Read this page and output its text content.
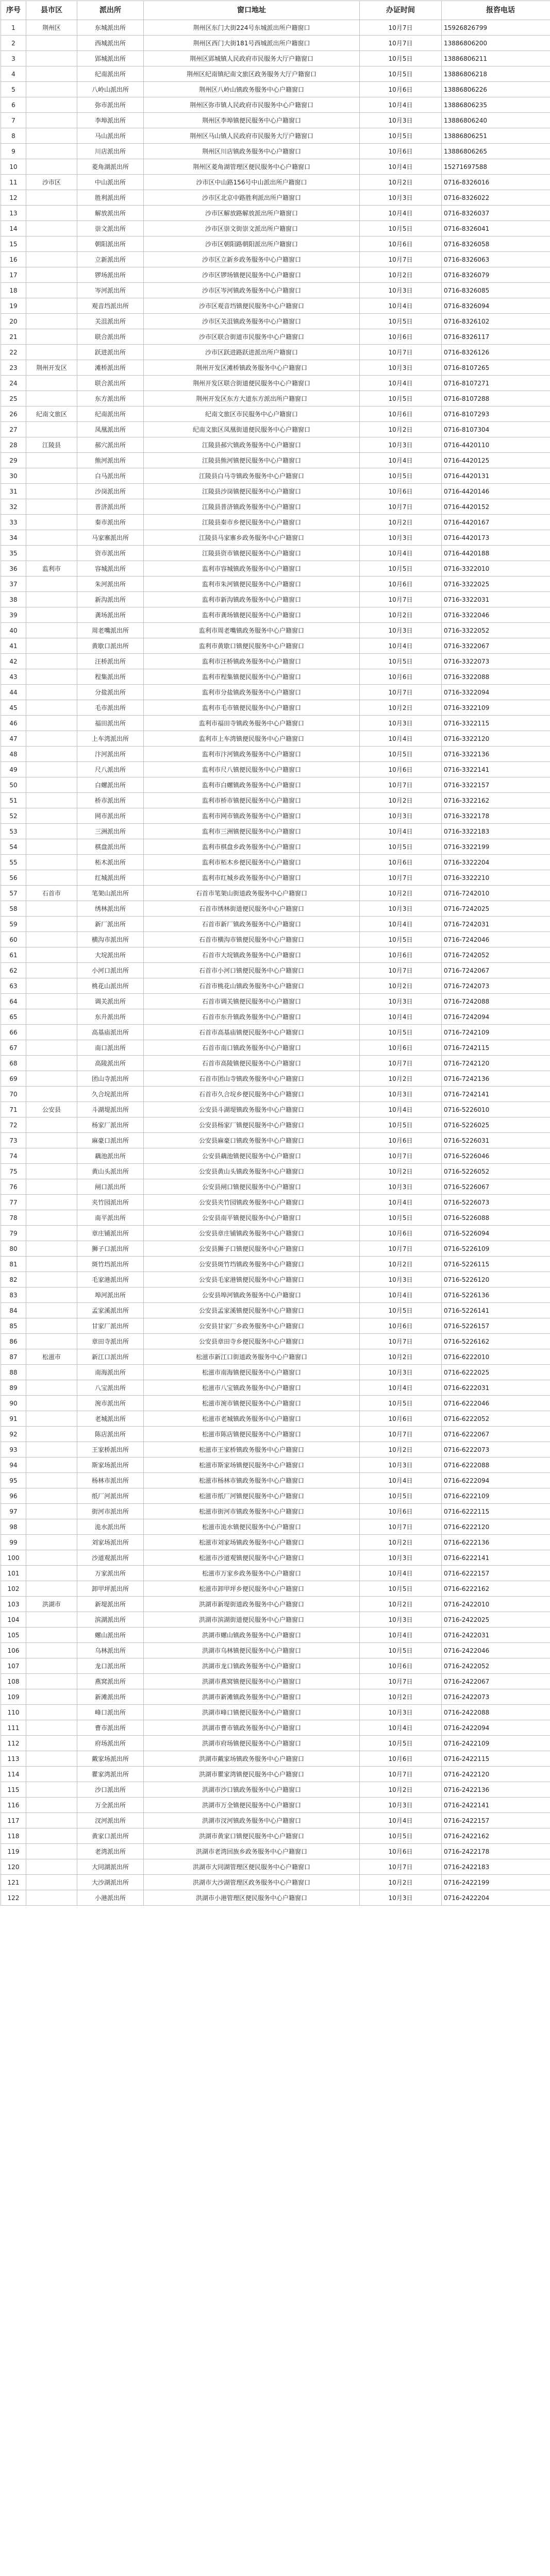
序号	县市区	派出所	窗口地址	办证时间	报咨电话
1	荆州区	东城派出所	荆州区东门大街224号东城派出所户籍窗口	10月7日	15926826799
2		西城派出所	荆州区西门大街181号西城派出所户籍窗口	10月7日	13886806200
3		郢城派出所	荆州区郢城镇人民政府市民服务大厅户籍窗口	10月5日	13886806211
4		纪南派出所	荆州区纪南镇纪南文旅区政务服务大厅户籍窗口	10月5日	13886806218
5		八岭山派出所	荆州区八岭山镇政务服务中心户籍窗口	10月6日	13886806226
6		弥市派出所	荆州区弥市镇人民政府市民服务中心户籍窗口	10月4日	13886806235
7		李埠派出所	荆州区李埠镇便民服务中心户籍窗口	10月3日	13886806240
8		马山派出所	荆州区马山镇人民政府市民服务大厅户籍窗口	10月5日	13886806251
9		川店派出所	荆州区川店镇政务服务中心户籍窗口	10月6日	13886806265
10		菱角湖派出所	荆州区菱角湖管理区便民服务中心户籍窗口	10月4日	15271697588
11	沙市区	中山派出所	沙市区中山路156号中山派出所户籍窗口	10月2日	0716-8326016
12		胜利派出所	沙市区北京中路胜利派出所户籍窗口	10月3日	0716-8326022
13		解放派出所	沙市区解放路解放派出所户籍窗口	10月4日	0716-8326037
14		崇文派出所	沙市区崇文街崇文派出所户籍窗口	10月5日	0716-8326041
15		朝阳派出所	沙市区朝阳路朝阳派出所户籍窗口	10月6日	0716-8326058
16		立新派出所	沙市区立新乡政务服务中心户籍窗口	10月7日	0716-8326063
17		锣场派出所	沙市区锣场镇便民服务中心户籍窗口	10月2日	0716-8326079
18		岑河派出所	沙市区岑河镇政务服务中心户籍窗口	10月3日	0716-8326085
19		观音垱派出所	沙市区观音垱镇便民服务中心户籍窗口	10月4日	0716-8326094
20		关沮派出所	沙市区关沮镇政务服务中心户籍窗口	10月5日	0716-8326102
21		联合派出所	沙市区联合街道市民服务中心户籍窗口	10月6日	0716-8326117
22		跃进派出所	沙市区跃进路跃进派出所户籍窗口	10月7日	0716-8326126
23	荆州开发区	滩桥派出所	荆州开发区滩桥镇政务服务中心户籍窗口	10月3日	0716-8107265
24		联合派出所	荆州开发区联合街道便民服务中心户籍窗口	10月4日	0716-8107271
25		东方派出所	荆州开发区东方大道东方派出所户籍窗口	10月5日	0716-8107288
26	纪南文旅区	纪南派出所	纪南文旅区市民服务中心户籍窗口	10月6日	0716-8107293
27		凤凰派出所	纪南文旅区凤凰街道便民服务中心户籍窗口	10月2日	0716-8107304
28	江陵县	郝穴派出所	江陵县郝穴镇政务服务中心户籍窗口	10月3日	0716-4420110
29		熊河派出所	江陵县熊河镇便民服务中心户籍窗口	10月4日	0716-4420125
30		白马派出所	江陵县白马寺镇政务服务中心户籍窗口	10月5日	0716-4420131
31		沙岗派出所	江陵县沙岗镇便民服务中心户籍窗口	10月6日	0716-4420146
32		普济派出所	江陵县普济镇政务服务中心户籍窗口	10月7日	0716-4420152
33		秦市派出所	江陵县秦市乡便民服务中心户籍窗口	10月2日	0716-4420167
34		马家寨派出所	江陵县马家寨乡政务服务中心户籍窗口	10月3日	0716-4420173
35		资市派出所	江陵县资市镇便民服务中心户籍窗口	10月4日	0716-4420188
36	监利市	容城派出所	监利市容城镇政务服务中心户籍窗口	10月5日	0716-3322010
37		朱河派出所	监利市朱河镇便民服务中心户籍窗口	10月6日	0716-3322025
38		新沟派出所	监利市新沟镇政务服务中心户籍窗口	10月7日	0716-3322031
39		龚场派出所	监利市龚场镇便民服务中心户籍窗口	10月2日	0716-3322046
40		周老嘴派出所	监利市周老嘴镇政务服务中心户籍窗口	10月3日	0716-3322052
41		黄歇口派出所	监利市黄歇口镇便民服务中心户籍窗口	10月4日	0716-3322067
42		汪桥派出所	监利市汪桥镇政务服务中心户籍窗口	10月5日	0716-3322073
43		程集派出所	监利市程集镇便民服务中心户籍窗口	10月6日	0716-3322088
44		分盐派出所	监利市分盐镇政务服务中心户籍窗口	10月7日	0716-3322094
45		毛市派出所	监利市毛市镇便民服务中心户籍窗口	10月2日	0716-3322109
46		福田派出所	监利市福田寺镇政务服务中心户籍窗口	10月3日	0716-3322115
47		上车湾派出所	监利市上车湾镇便民服务中心户籍窗口	10月4日	0716-3322120
48		汴河派出所	监利市汴河镇政务服务中心户籍窗口	10月5日	0716-3322136
49		尺八派出所	监利市尺八镇便民服务中心户籍窗口	10月6日	0716-3322141
50		白螺派出所	监利市白螺镇政务服务中心户籍窗口	10月7日	0716-3322157
51		桥市派出所	监利市桥市镇便民服务中心户籍窗口	10月2日	0716-3322162
52		网市派出所	监利市网市镇政务服务中心户籍窗口	10月3日	0716-3322178
53		三洲派出所	监利市三洲镇便民服务中心户籍窗口	10月4日	0716-3322183
54		棋盘派出所	监利市棋盘乡政务服务中心户籍窗口	10月5日	0716-3322199
55		柘木派出所	监利市柘木乡便民服务中心户籍窗口	10月6日	0716-3322204
56		红城派出所	监利市红城乡政务服务中心户籍窗口	10月7日	0716-3322210
57	石首市	笔架山派出所	石首市笔架山街道政务服务中心户籍窗口	10月2日	0716-7242010
58		绣林派出所	石首市绣林街道便民服务中心户籍窗口	10月3日	0716-7242025
59		新厂派出所	石首市新厂镇政务服务中心户籍窗口	10月4日	0716-7242031
60		横沟市派出所	石首市横沟市镇便民服务中心户籍窗口	10月5日	0716-7242046
61		大垸派出所	石首市大垸镇政务服务中心户籍窗口	10月6日	0716-7242052
62		小河口派出所	石首市小河口镇便民服务中心户籍窗口	10月7日	0716-7242067
63		桃花山派出所	石首市桃花山镇政务服务中心户籍窗口	10月2日	0716-7242073
64		调关派出所	石首市调关镇便民服务中心户籍窗口	10月3日	0716-7242088
65		东升派出所	石首市东升镇政务服务中心户籍窗口	10月4日	0716-7242094
66		高基庙派出所	石首市高基庙镇便民服务中心户籍窗口	10月5日	0716-7242109
67		南口派出所	石首市南口镇政务服务中心户籍窗口	10月6日	0716-7242115
68		高陵派出所	石首市高陵镇便民服务中心户籍窗口	10月7日	0716-7242120
69		团山寺派出所	石首市团山寺镇政务服务中心户籍窗口	10月2日	0716-7242136
70		久合垸派出所	石首市久合垸乡便民服务中心户籍窗口	10月3日	0716-7242141
71	公安县	斗湖堤派出所	公安县斗湖堤镇政务服务中心户籍窗口	10月4日	0716-5226010
72		杨家厂派出所	公安县杨家厂镇便民服务中心户籍窗口	10月5日	0716-5226025
73		麻豪口派出所	公安县麻豪口镇政务服务中心户籍窗口	10月6日	0716-5226031
74		藕池派出所	公安县藕池镇便民服务中心户籍窗口	10月7日	0716-5226046
75		黄山头派出所	公安县黄山头镇政务服务中心户籍窗口	10月2日	0716-5226052
76		闸口派出所	公安县闸口镇便民服务中心户籍窗口	10月3日	0716-5226067
77		夹竹园派出所	公安县夹竹园镇政务服务中心户籍窗口	10月4日	0716-5226073
78		南平派出所	公安县南平镇便民服务中心户籍窗口	10月5日	0716-5226088
79		章庄铺派出所	公安县章庄铺镇政务服务中心户籍窗口	10月6日	0716-5226094
80		狮子口派出所	公安县狮子口镇便民服务中心户籍窗口	10月7日	0716-5226109
81		斑竹垱派出所	公安县斑竹垱镇政务服务中心户籍窗口	10月2日	0716-5226115
82		毛家港派出所	公安县毛家港镇便民服务中心户籍窗口	10月3日	0716-5226120
83		埠河派出所	公安县埠河镇政务服务中心户籍窗口	10月4日	0716-5226136
84		孟家溪派出所	公安县孟家溪镇便民服务中心户籍窗口	10月5日	0716-5226141
85		甘家厂派出所	公安县甘家厂乡政务服务中心户籍窗口	10月6日	0716-5226157
86		章田寺派出所	公安县章田寺乡便民服务中心户籍窗口	10月7日	0716-5226162
87	松滋市	新江口派出所	松滋市新江口街道政务服务中心户籍窗口	10月2日	0716-6222010
88		南海派出所	松滋市南海镇便民服务中心户籍窗口	10月3日	0716-6222025
89		八宝派出所	松滋市八宝镇政务服务中心户籍窗口	10月4日	0716-6222031
90		涴市派出所	松滋市涴市镇便民服务中心户籍窗口	10月5日	0716-6222046
91		老城派出所	松滋市老城镇政务服务中心户籍窗口	10月6日	0716-6222052
92		陈店派出所	松滋市陈店镇便民服务中心户籍窗口	10月7日	0716-6222067
93		王家桥派出所	松滋市王家桥镇政务服务中心户籍窗口	10月2日	0716-6222073
94		斯家场派出所	松滋市斯家场镇便民服务中心户籍窗口	10月3日	0716-6222088
95		杨林市派出所	松滋市杨林市镇政务服务中心户籍窗口	10月4日	0716-6222094
96		纸厂河派出所	松滋市纸厂河镇便民服务中心户籍窗口	10月5日	0716-6222109
97		街河市派出所	松滋市街河市镇政务服务中心户籍窗口	10月6日	0716-6222115
98		洈水派出所	松滋市洈水镇便民服务中心户籍窗口	10月7日	0716-6222120
99		刘家场派出所	松滋市刘家场镇政务服务中心户籍窗口	10月2日	0716-6222136
100		沙道观派出所	松滋市沙道观镇便民服务中心户籍窗口	10月3日	0716-6222141
101		万家派出所	松滋市万家乡政务服务中心户籍窗口	10月4日	0716-6222157
102		卸甲坪派出所	松滋市卸甲坪乡便民服务中心户籍窗口	10月5日	0716-6222162
103	洪湖市	新堤派出所	洪湖市新堤街道政务服务中心户籍窗口	10月2日	0716-2422010
104		滨湖派出所	洪湖市滨湖街道便民服务中心户籍窗口	10月3日	0716-2422025
105		螺山派出所	洪湖市螺山镇政务服务中心户籍窗口	10月4日	0716-2422031
106		乌林派出所	洪湖市乌林镇便民服务中心户籍窗口	10月5日	0716-2422046
107		龙口派出所	洪湖市龙口镇政务服务中心户籍窗口	10月6日	0716-2422052
108		燕窝派出所	洪湖市燕窝镇便民服务中心户籍窗口	10月7日	0716-2422067
109		新滩派出所	洪湖市新滩镇政务服务中心户籍窗口	10月2日	0716-2422073
110		峰口派出所	洪湖市峰口镇便民服务中心户籍窗口	10月3日	0716-2422088
111		曹市派出所	洪湖市曹市镇政务服务中心户籍窗口	10月4日	0716-2422094
112		府场派出所	洪湖市府场镇便民服务中心户籍窗口	10月5日	0716-2422109
113		戴家场派出所	洪湖市戴家场镇政务服务中心户籍窗口	10月6日	0716-2422115
114		瞿家湾派出所	洪湖市瞿家湾镇便民服务中心户籍窗口	10月7日	0716-2422120
115		沙口派出所	洪湖市沙口镇政务服务中心户籍窗口	10月2日	0716-2422136
116		万全派出所	洪湖市万全镇便民服务中心户籍窗口	10月3日	0716-2422141
117		汊河派出所	洪湖市汊河镇政务服务中心户籍窗口	10月4日	0716-2422157
118		黄家口派出所	洪湖市黄家口镇便民服务中心户籍窗口	10月5日	0716-2422162
119		老湾派出所	洪湖市老湾回族乡政务服务中心户籍窗口	10月6日	0716-2422178
120		大同湖派出所	洪湖市大同湖管理区便民服务中心户籍窗口	10月7日	0716-2422183
121		大沙湖派出所	洪湖市大沙湖管理区政务服务中心户籍窗口	10月2日	0716-2422199
122		小港派出所	洪湖市小港管理区便民服务中心户籍窗口	10月3日	0716-2422204
